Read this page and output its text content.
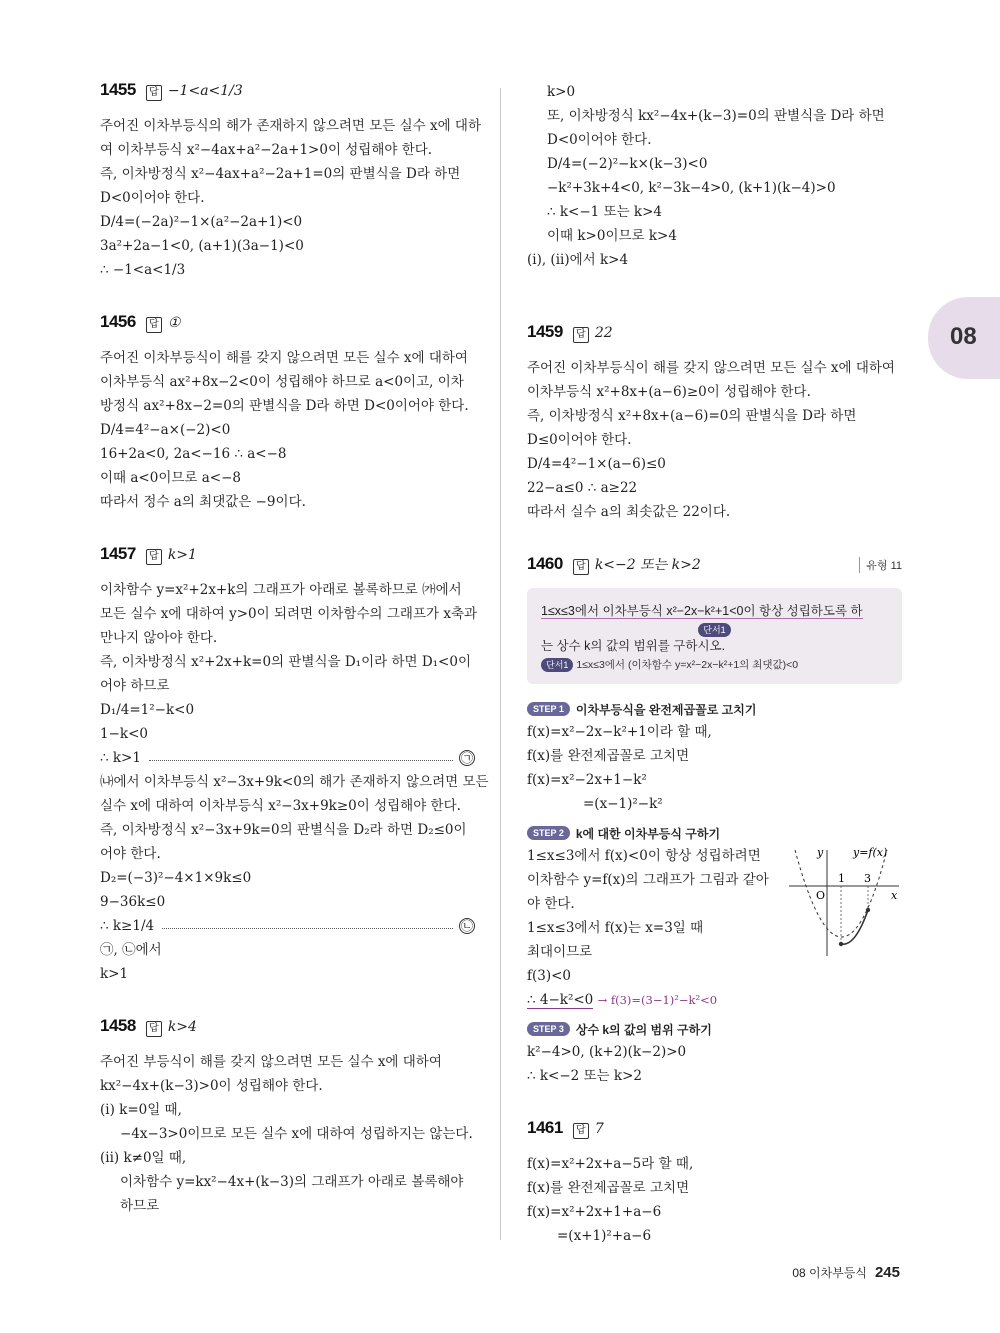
08
1455	답 −1<a<1/3
주어진 이차부등식의 해가 존재하지 않으려면 모든 실수 x에 대하
여 이차부등식 x²−4ax+a²−2a+1>0이 성립해야 한다.
즉, 이차방정식 x²−4ax+a²−2a+1=0의 판별식을 D라 하면
D<0이어야 한다.
D/4=(−2a)²−1×(a²−2a+1)<0
3a²+2a−1<0, (a+1)(3a−1)<0
∴ −1<a<1/3
1456	답 ①
주어진 이차부등식이 해를 갖지 않으려면 모든 실수 x에 대하여
이차부등식 ax²+8x−2<0이 성립해야 하므로 a<0이고, 이차
방정식 ax²+8x−2=0의 판별식을 D라 하면 D<0이어야 한다.
D/4=4²−a×(−2)<0
16+2a<0, 2a<−16 ∴ a<−8
이때 a<0이므로 a<−8
따라서 정수 a의 최댓값은 −9이다.
1457	답 k>1
이차함수 y=x²+2x+k의 그래프가 아래로 볼록하므로 ㈎에서
모든 실수 x에 대하여 y>0이 되려면 이차함수의 그래프가 x축과
만나지 않아야 한다.
즉, 이차방정식 x²+2x+k=0의 판별식을 D₁이라 하면 D₁<0이
어야 하므로
D₁/4=1²−k<0
1−k<0
∴ k>1	㉠
㈏에서 이차부등식 x²−3x+9k<0의 해가 존재하지 않으려면 모든
실수 x에 대하여 이차부등식 x²−3x+9k≥0이 성립해야 한다.
즉, 이차방정식 x²−3x+9k=0의 판별식을 D₂라 하면 D₂≤0이
어야 한다.
D₂=(−3)²−4×1×9k≤0
9−36k≤0
∴ k≥1/4	㉡
㉠, ㉡에서
k>1
1458	답 k>4
주어진 부등식이 해를 갖지 않으려면 모든 실수 x에 대하여
kx²−4x+(k−3)>0이 성립해야 한다.
(i) k=0일 때,
−4x−3>0이므로 모든 실수 x에 대하여 성립하지는 않는다.
(ii) k≠0일 때,
이차함수 y=kx²−4x+(k−3)의 그래프가 아래로 볼록해야
하므로
k>0
또, 이차방정식 kx²−4x+(k−3)=0의 판별식을 D라 하면
D<0이어야 한다.
D/4=(−2)²−k×(k−3)<0
−k²+3k+4<0, k²−3k−4>0, (k+1)(k−4)>0
∴ k<−1 또는 k>4
이때 k>0이므로 k>4
(i), (ii)에서 k>4
1459	답 22
주어진 이차부등식이 해를 갖지 않으려면 모든 실수 x에 대하여
이차부등식 x²+8x+(a−6)≥0이 성립해야 한다.
즉, 이차방정식 x²+8x+(a−6)=0의 판별식을 D라 하면
D≤0이어야 한다.
D/4=4²−1×(a−6)≤0
22−a≤0 ∴ a≥22
따라서 실수 a의 최솟값은 22이다.
1460	답 k<−2 또는 k>2	유형 11
1≤x≤3에서 이차부등식 x²−2x−k²+1<0이 항상 성립하도록 하
단서1
는 상수 k의 값의 범위를 구하시오.
단서1 1≤x≤3에서 (이차함수 y=x²−2x−k²+1의 최댓값)<0
STEP 1	이차부등식을 완전제곱꼴로 고치기
f(x)=x²−2x−k²+1이라 할 때,
f(x)를 완전제곱꼴로 고치면
f(x)=x²−2x+1−k²
=(x−1)²−k²
STEP 2	k에 대한 이차부등식 구하기
1≤x≤3에서 f(x)<0이 항상 성립하려면
이차함수 y=f(x)의 그래프가 그림과 같아
야 한다.
1≤x≤3에서 f(x)는 x=3일 때
최대이므로
f(3)<0
∴ 4−k²<0 → f(3)=(3−1)²−k²<0
y	y=f(x)
1 3
O	x
STEP 3	상수 k의 값의 범위 구하기
k²−4>0, (k+2)(k−2)>0
∴ k<−2 또는 k>2
1461	답 7
f(x)=x²+2x+a−5라 할 때,
f(x)를 완전제곱꼴로 고치면
f(x)=x²+2x+1+a−6
=(x+1)²+a−6
08 이차부등식 245
